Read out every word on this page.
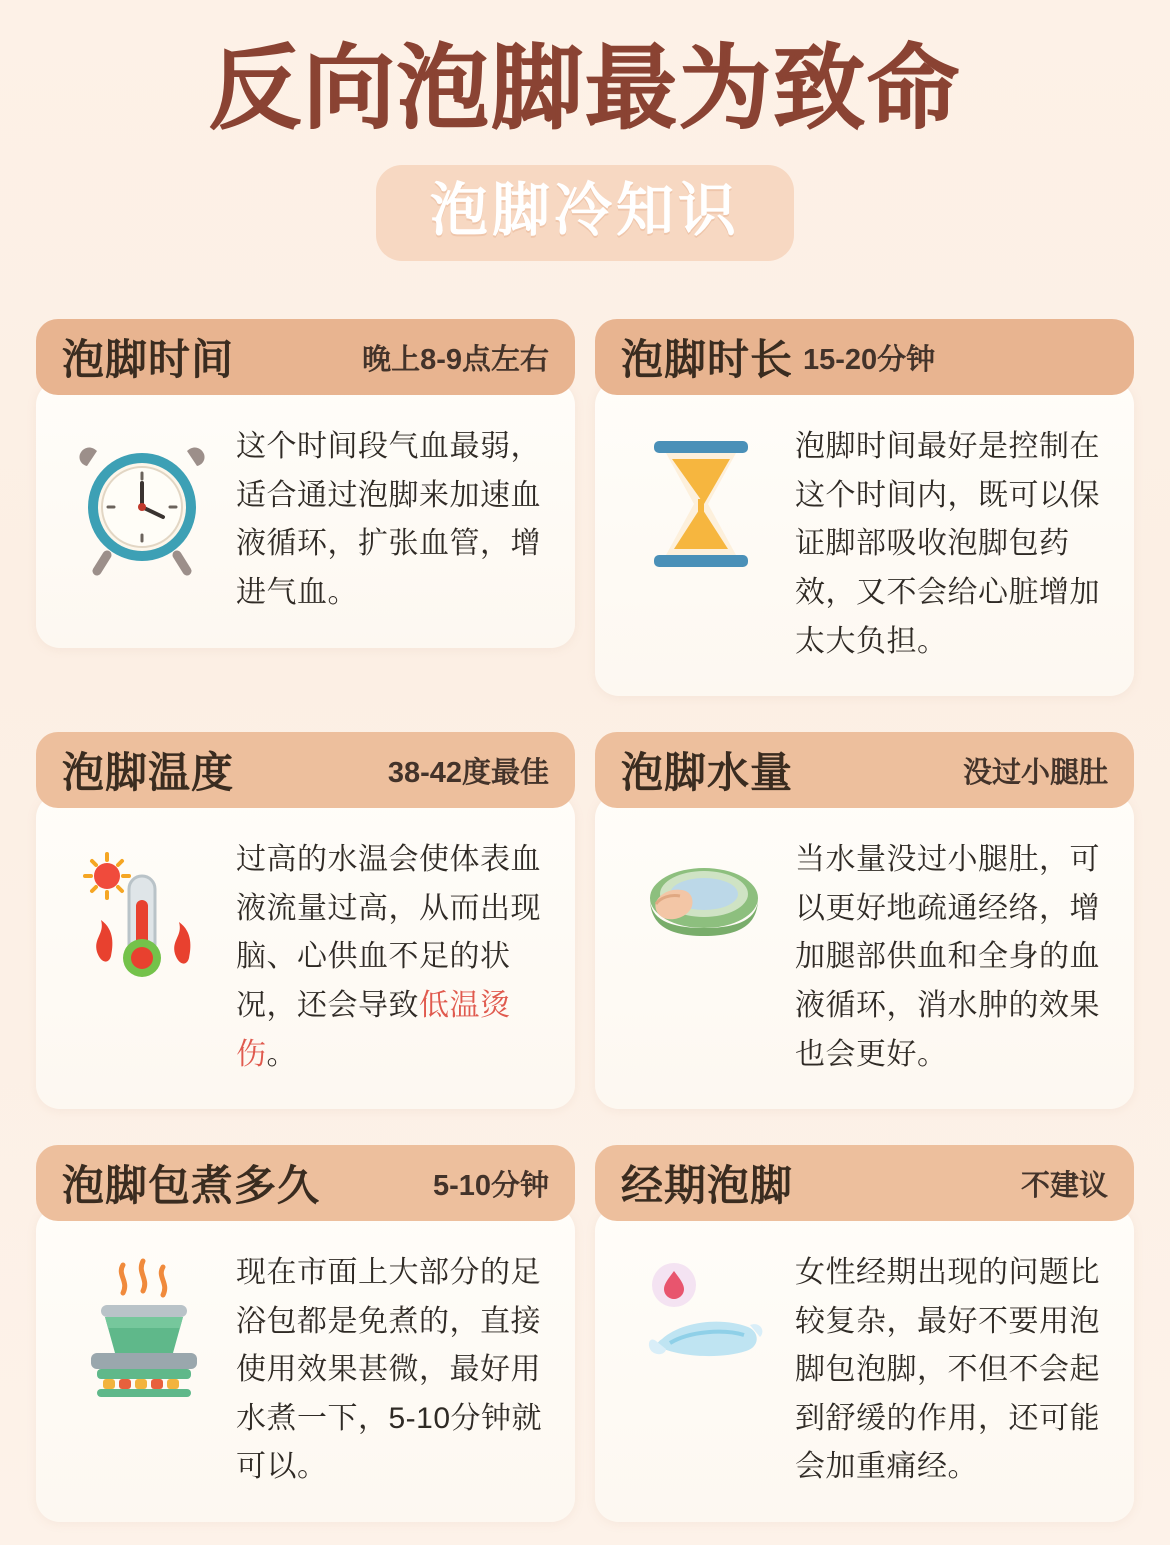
反向泡脚最为致命
泡脚冷知识
泡脚时间	晚上8-9点左右
这个时间段气血最弱，适合通过泡脚来加速血液循环，扩张血管，增进气血。
泡脚时长 15-20分钟
泡脚时间最好是控制在这个时间内，既可以保证脚部吸收泡脚包药效，又不会给心脏增加太大负担。
泡脚温度	38-42度最佳
过高的水温会使体表血液流量过高，从而出现脑、心供血不足的状况，还会导致低温烫伤。
泡脚水量	没过小腿肚
当水量没过小腿肚，可以更好地疏通经络，增加腿部供血和全身的血液循环，消水肿的效果也会更好。
泡脚包煮多久	5-10分钟
现在市面上大部分的足浴包都是免煮的，直接使用效果甚微，最好用水煮一下，5-10分钟就可以。
经期泡脚	不建议
女性经期出现的问题比较复杂，最好不要用泡脚包泡脚，不但不会起到舒缓的作用，还可能会加重痛经。
